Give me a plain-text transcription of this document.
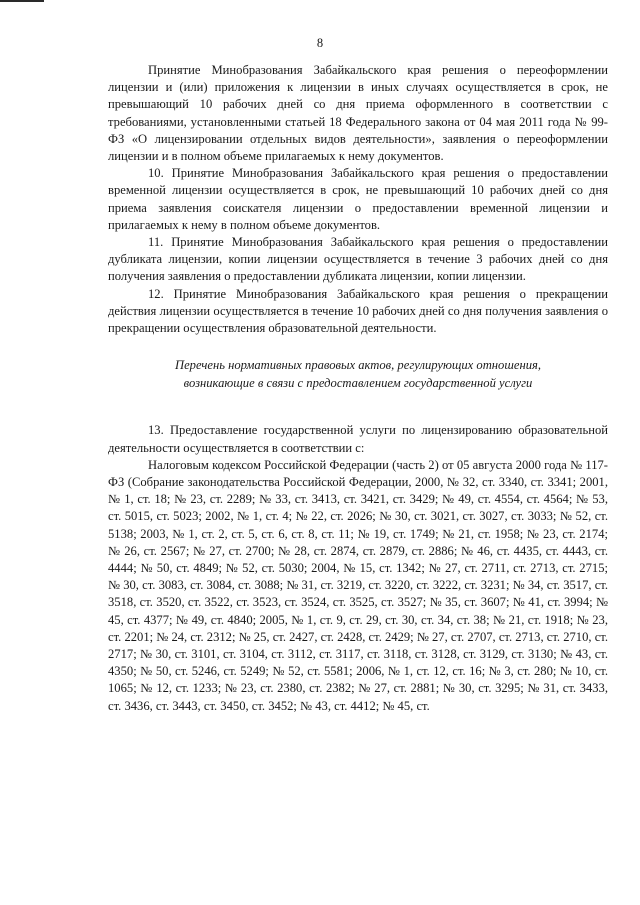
8

Принятие Минобразования Забайкальского края решения о переоформлении лицензии и (или) приложения к лицензии в иных случаях осуществляется в срок, не превышающий 10 рабочих дней со дня приема оформленного в соответствии с требованиями, установленными статьей 18 Федерального закона от 04 мая 2011 года № 99-ФЗ «О лицензировании отдельных видов деятельности», заявления о переоформлении лицензии и в полном объеме прилагаемых к нему документов.

10. Принятие Минобразования Забайкальского края решения о предоставлении временной лицензии осуществляется в срок, не превышающий 10 рабочих дней со дня приема заявления соискателя лицензии о предоставлении временной лицензии и прилагаемых к нему в полном объеме документов.

11. Принятие Минобразования Забайкальского края решения о предоставлении дубликата лицензии, копии лицензии осуществляется в течение 3 рабочих дней со дня получения заявления о предоставлении дубликата лицензии, копии лицензии.

12. Принятие Минобразования Забайкальского края решения о прекращении действия лицензии осуществляется в течение 10 рабочих дней со дня получения заявления о прекращении осуществления образовательной деятельности.

Перечень нормативных правовых актов, регулирующих отношения,
возникающие в связи с предоставлением государственной услуги

13. Предоставление государственной услуги по лицензированию образовательной деятельности осуществляется в соответствии с:

Налоговым кодексом Российской Федерации (часть 2) от 05 августа 2000 года № 117-ФЗ (Собрание законодательства Российской Федерации, 2000, № 32, ст. 3340, ст. 3341; 2001, № 1, ст. 18; № 23, ст. 2289; № 33, ст. 3413, ст. 3421, ст. 3429; № 49, ст. 4554, ст. 4564; № 53, ст. 5015, ст. 5023; 2002, № 1, ст. 4; № 22, ст. 2026; № 30, ст. 3021, ст. 3027, ст. 3033; № 52, ст. 5138; 2003, № 1, ст. 2, ст. 5, ст. 6, ст. 8, ст. 11; № 19, ст. 1749; № 21, ст. 1958; № 23, ст. 2174; № 26, ст. 2567; № 27, ст. 2700; № 28, ст. 2874, ст. 2879, ст. 2886; № 46, ст. 4435, ст. 4443, ст. 4444; № 50, ст. 4849; № 52, ст. 5030; 2004, № 15, ст. 1342; № 27, ст. 2711, ст. 2713, ст. 2715; № 30, ст. 3083, ст. 3084, ст. 3088; № 31, ст. 3219, ст. 3220, ст. 3222, ст. 3231; № 34, ст. 3517, ст. 3518, ст. 3520, ст. 3522, ст. 3523, ст. 3524, ст. 3525, ст. 3527; № 35, ст. 3607; № 41, ст. 3994; № 45, ст. 4377; № 49, ст. 4840; 2005, № 1, ст. 9, ст. 29, ст. 30, ст. 34, ст. 38; № 21, ст. 1918; № 23, ст. 2201; № 24, ст. 2312; № 25, ст. 2427, ст. 2428, ст. 2429; № 27, ст. 2707, ст. 2713, ст. 2710, ст. 2717; № 30, ст. 3101, ст. 3104, ст. 3112, ст. 3117, ст. 3118, ст. 3128, ст. 3129, ст. 3130; № 43, ст. 4350; № 50, ст. 5246, ст. 5249; № 52, ст. 5581; 2006, № 1, ст. 12, ст. 16; № 3, ст. 280; № 10, ст. 1065; № 12, ст. 1233; № 23, ст. 2380, ст. 2382; № 27, ст. 2881; № 30, ст. 3295; № 31, ст. 3433, ст. 3436, ст. 3443, ст. 3450, ст. 3452; № 43, ст. 4412; № 45, ст.
